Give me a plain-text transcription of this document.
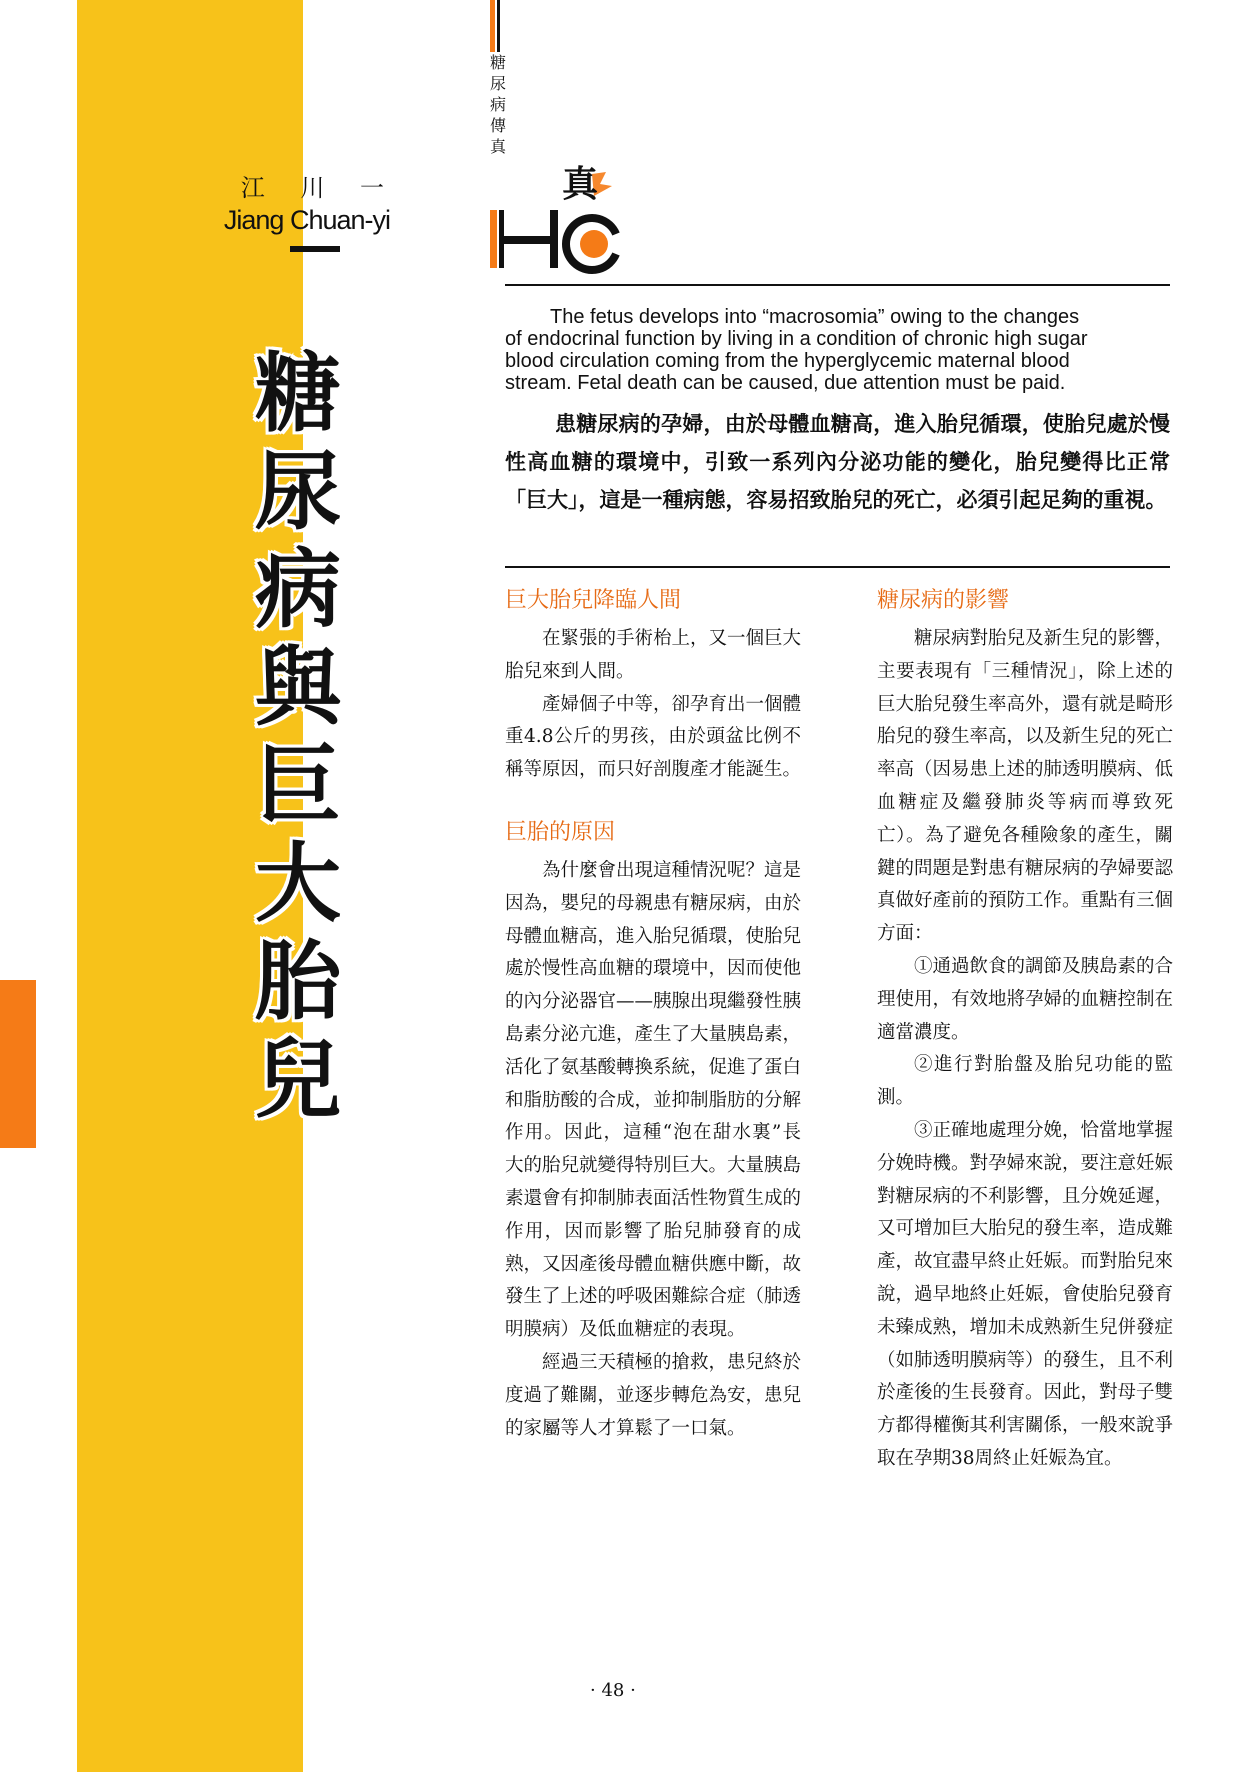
江 川 一
Jiang Chuan-yi
糖
尿
病
與
巨
大
胎
兒
糖尿病傳真
真
The fetus develops into “macrosomia” owing to the changes
of endocrinal function by living in a condition of chronic high sugar
blood circulation coming from the hyperglycemic maternal blood
stream. Fetal death can be caused, due attention must be paid.
患糖尿病的孕婦，由於母體血糖高，進入胎兒循環，使胎兒處於慢性高血糖的環境中，引致一系列內分泌功能的變化，胎兒變得比正常「巨大」，這是一種病態，容易招致胎兒的死亡，必須引起足夠的重視。
巨大胎兒降臨人間

在緊張的手術枱上，又一個巨大胎兒來到人間。

產婦個子中等，卻孕育出一個體重4.8公斤的男孩，由於頭盆比例不稱等原因，而只好剖腹產才能誕生。

巨胎的原因

為什麼會出現這種情況呢？這是因為，嬰兒的母親患有糖尿病，由於母體血糖高，進入胎兒循環，使胎兒處於慢性高血糖的環境中，因而使他的內分泌器官——胰腺出現繼發性胰島素分泌亢進，產生了大量胰島素，活化了氨基酸轉換系統，促進了蛋白和脂肪酸的合成，並抑制脂肪的分解作用。因此，這種“泡在甜水裏”長大的胎兒就變得特別巨大。大量胰島素還會有抑制肺表面活性物質生成的作用，因而影響了胎兒肺發育的成熟，又因產後母體血糖供應中斷，故發生了上述的呼吸困難綜合症（肺透明膜病）及低血糖症的表現。

經過三天積極的搶救，患兒終於度過了難關，並逐步轉危為安，患兒的家屬等人才算鬆了一口氣。

糖尿病的影響

糖尿病對胎兒及新生兒的影響，主要表現有「三種情況」，除上述的巨大胎兒發生率高外，還有就是畸形胎兒的發生率高，以及新生兒的死亡率高（因易患上述的肺透明膜病、低血糖症及繼發肺炎等病而導致死亡）。為了避免各種險象的產生，關鍵的問題是對患有糖尿病的孕婦要認真做好產前的預防工作。重點有三個方面：

①通過飲食的調節及胰島素的合理使用，有效地將孕婦的血糖控制在適當濃度。

②進行對胎盤及胎兒功能的監測。

③正確地處理分娩，恰當地掌握分娩時機。對孕婦來說，要注意妊娠對糖尿病的不利影響，且分娩延遲，又可增加巨大胎兒的發生率，造成難產，故宜盡早終止妊娠。而對胎兒來說，過早地終止妊娠，會使胎兒發育未臻成熟，增加未成熟新生兒併發症（如肺透明膜病等）的發生，且不利於產後的生長發育。因此，對母子雙方都得權衡其利害關係，一般來說爭取在孕期38周終止妊娠為宜。

· 48 ·
